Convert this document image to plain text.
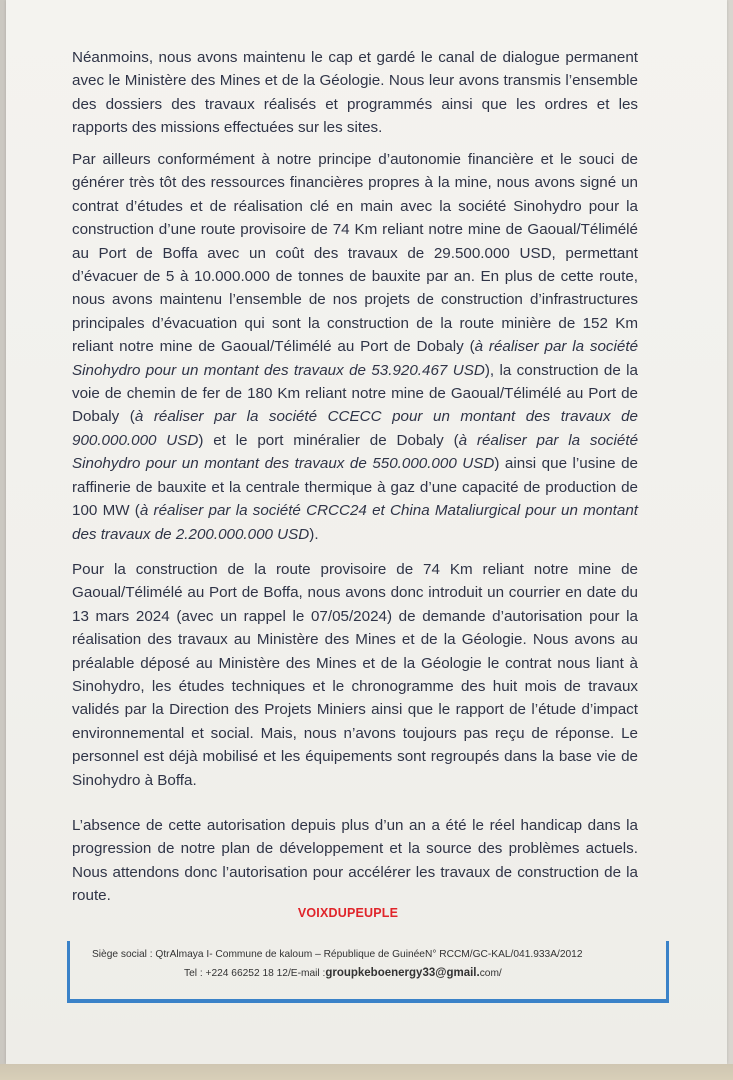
Néanmoins, nous avons maintenu le cap et gardé le canal de dialogue permanent avec le Ministère des Mines et de la Géologie. Nous leur avons transmis l’ensemble des dossiers des travaux réalisés et programmés ainsi que les ordres et les rapports des missions effectuées sur les sites.

Par ailleurs conformément à notre principe d’autonomie financière et le souci de générer très tôt des ressources financières propres à la mine, nous avons signé un contrat d’études et de réalisation clé en main avec la société Sinohydro pour la construction d’une route provisoire de 74 Km reliant notre mine de Gaoual/Télimélé au Port de Boffa avec un coût des travaux de 29.500.000 USD, permettant d’évacuer de 5 à 10.000.000 de tonnes de bauxite par an. En plus de cette route, nous avons maintenu l’ensemble de nos projets de construction d’infrastructures principales d’évacuation qui sont la construction de la route minière de 152 Km reliant notre mine de Gaoual/Télimélé au Port de Dobaly (à réaliser par la société Sinohydro pour un montant des travaux de 53.920.467 USD), la construction de la voie de chemin de fer de 180 Km reliant notre mine de Gaoual/Télimélé au Port de Dobaly (à réaliser par la société CCECC pour un montant des travaux de 900.000.000 USD) et le port minéralier de Dobaly (à réaliser par la société Sinohydro pour un montant des travaux de 550.000.000 USD) ainsi que l’usine de raffinerie de bauxite et la centrale thermique à gaz d’une capacité de production de 100 MW (à réaliser par la société CRCC24 et China Mataliurgical pour un montant des travaux de 2.200.000.000 USD).

Pour la construction de la route provisoire de 74 Km reliant notre mine de Gaoual/Télimélé au Port de Boffa, nous avons donc introduit un courrier en date du 13 mars 2024 (avec un rappel le 07/05/2024) de demande d’autorisation pour la réalisation des travaux au Ministère des Mines et de la Géologie. Nous avons au préalable déposé au Ministère des Mines et de la Géologie le contrat nous liant à Sinohydro, les études techniques et le chronogramme des huit mois de travaux validés par la Direction des Projets Miniers ainsi que le rapport de l’étude d’impact environnemental et social. Mais, nous n’avons toujours pas reçu de réponse. Le personnel est déjà mobilisé et les équipements sont regroupés dans la base vie de Sinohydro à Boffa.

L’absence de cette autorisation depuis plus d’un an a été le réel handicap dans la progression de notre plan de développement et la source des problèmes actuels. Nous attendons donc l’autorisation pour accélérer les travaux de construction de la route.

VOIXDUPEUPLE
Siège social : QtrAlmaya I- Commune de kaloum – République de GuinéeN° RCCM/GC-KAL/041.933A/2012
Tel : +224 66252 18 12/E-mail :groupkeboenergy33@gmail.com/
